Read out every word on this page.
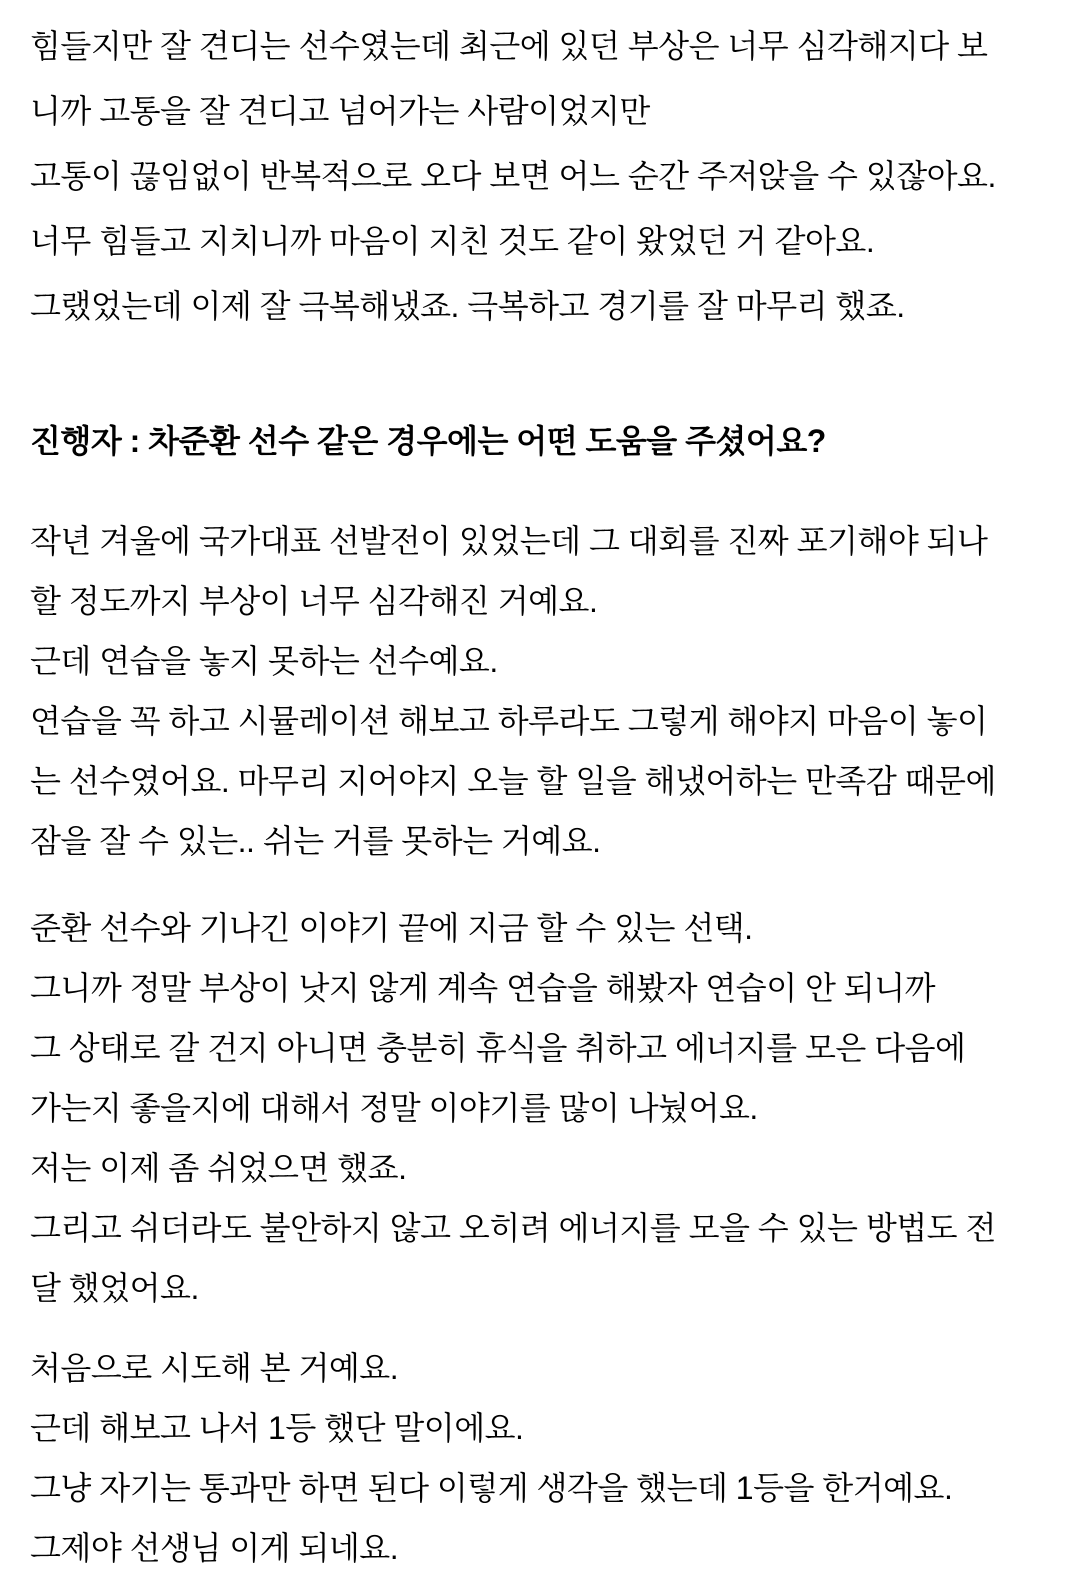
힘들지만 잘 견디는 선수였는데 최근에 있던 부상은 너무 심각해지다 보
니까 고통을 잘 견디고 넘어가는 사람이었지만
고통이 끊임없이 반복적으로 오다 보면 어느 순간 주저앉을 수 있잖아요.
너무 힘들고 지치니까 마음이 지친 것도 같이 왔었던 거 같아요.
그랬었는데 이제 잘 극복해냈죠. 극복하고 경기를 잘 마무리 했죠.
진행자 : 차준환 선수 같은 경우에는 어떤 도움을 주셨어요?
작년 겨울에 국가대표 선발전이 있었는데 그 대회를 진짜 포기해야 되나
할 정도까지 부상이 너무 심각해진 거예요.
근데 연습을 놓지 못하는 선수예요.
연습을 꼭 하고 시뮬레이션 해보고 하루라도 그렇게 해야지 마음이 놓이
는 선수였어요. 마무리 지어야지 오늘 할 일을 해냈어하는 만족감 때문에
잠을 잘 수 있는.. 쉬는 거를 못하는 거예요.
준환 선수와 기나긴 이야기 끝에 지금 할 수 있는 선택.
그니까 정말 부상이 낫지 않게 계속 연습을 해봤자 연습이 안 되니까
그 상태로 갈 건지 아니면 충분히 휴식을 취하고 에너지를 모은 다음에
가는지 좋을지에 대해서 정말 이야기를 많이 나눴어요.
저는 이제 좀 쉬었으면 했죠.
그리고 쉬더라도 불안하지 않고 오히려 에너지를 모을 수 있는 방법도 전
달 했었어요.
처음으로 시도해 본 거예요.
근데 해보고 나서 1등 했단 말이에요.
그냥 자기는 통과만 하면 된다 이렇게 생각을 했는데 1등을 한거예요.
그제야 선생님 이게 되네요.
